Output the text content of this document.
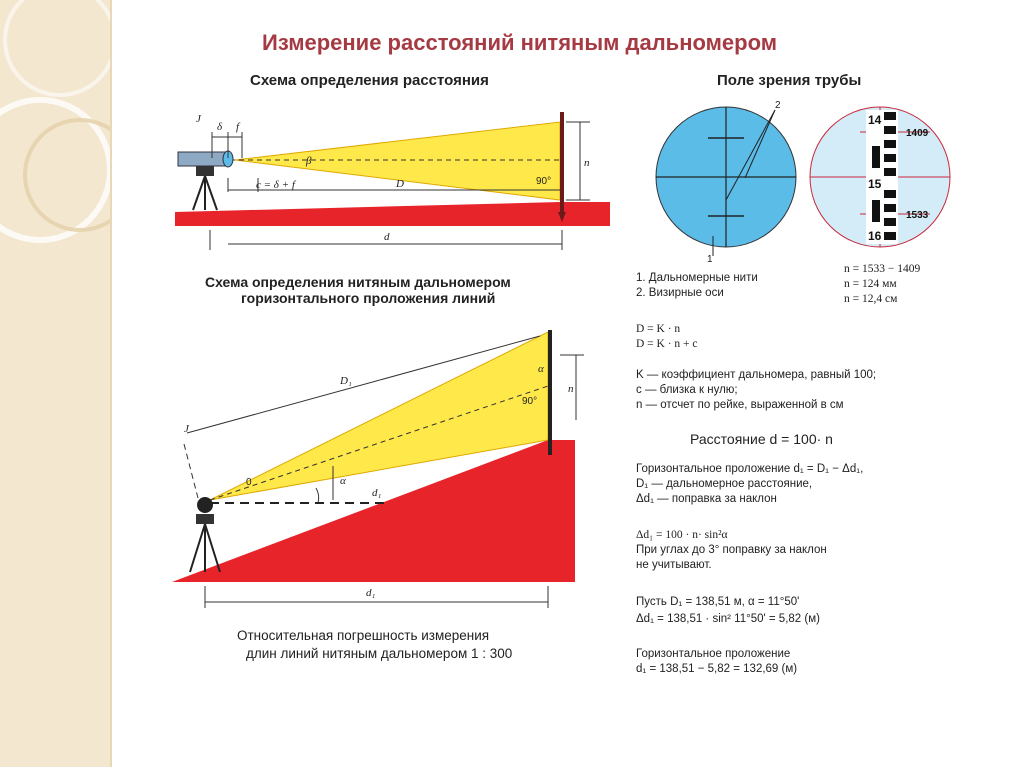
Измерение расстояний нитяным дальномером
Схема определения расстояния	Поле зрения трубы
Схема определения нитяным дальномером
горизонтального проложения линий
J
δ f
β
90°
n
c = δ + f	D
d
1
2
14
15
16
1409
1533
J
0	α
α
90°
n
D₁
d₁
d₁
1. Дальномерные нити
2. Визирные оси
n = 1533 − 1409
n = 124 мм
n = 12,4 см
D = K · n
D = K · n + c
K — коэффициент дальномера, равный 100;
c — близка к нулю;
n — отсчет по рейке, выраженной в см
Расстояние d = 100· n
Горизонтальное проложение d₁ = D₁ − Δd₁,
D₁ — дальномерное расстояние,
Δd₁ — поправка за наклон
Δd₁ = 100 · n· sin²α
При углах до 3° поправку за наклон
не учитывают.
Пусть D₁ = 138,51 м, α = 11°50'
Δd₁ = 138,51 · sin² 11°50' = 5,82 (м)
Горизонтальное проложение
d₁ = 138,51 − 5,82 = 132,69 (м)
Относительная погрешность измерения
длин линий нитяным дальномером 1 : 300
